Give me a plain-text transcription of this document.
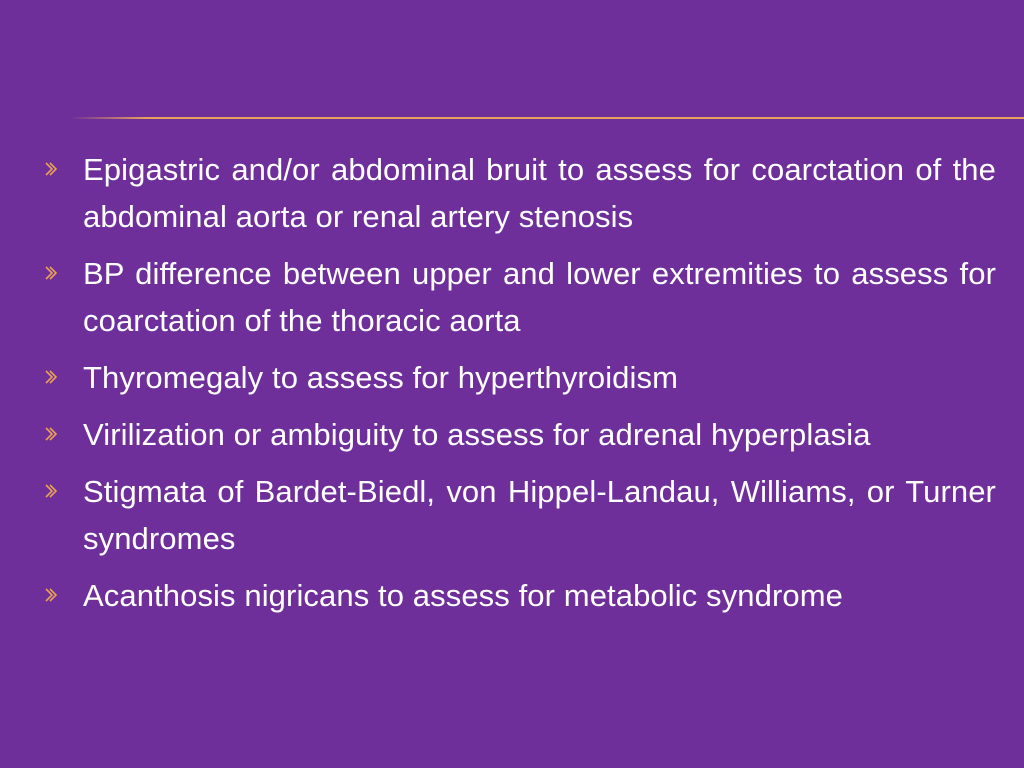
Epigastric and/or abdominal bruit to assess for coarctation of the abdominal aorta or renal artery stenosis
BP difference between upper and lower extremities to assess for coarctation of the thoracic aorta
Thyromegaly to assess for hyperthyroidism
Virilization or ambiguity to assess for adrenal hyperplasia
Stigmata of Bardet-Biedl, von Hippel-Landau, Williams, or Turner syndromes
Acanthosis nigricans to assess for metabolic syndrome
